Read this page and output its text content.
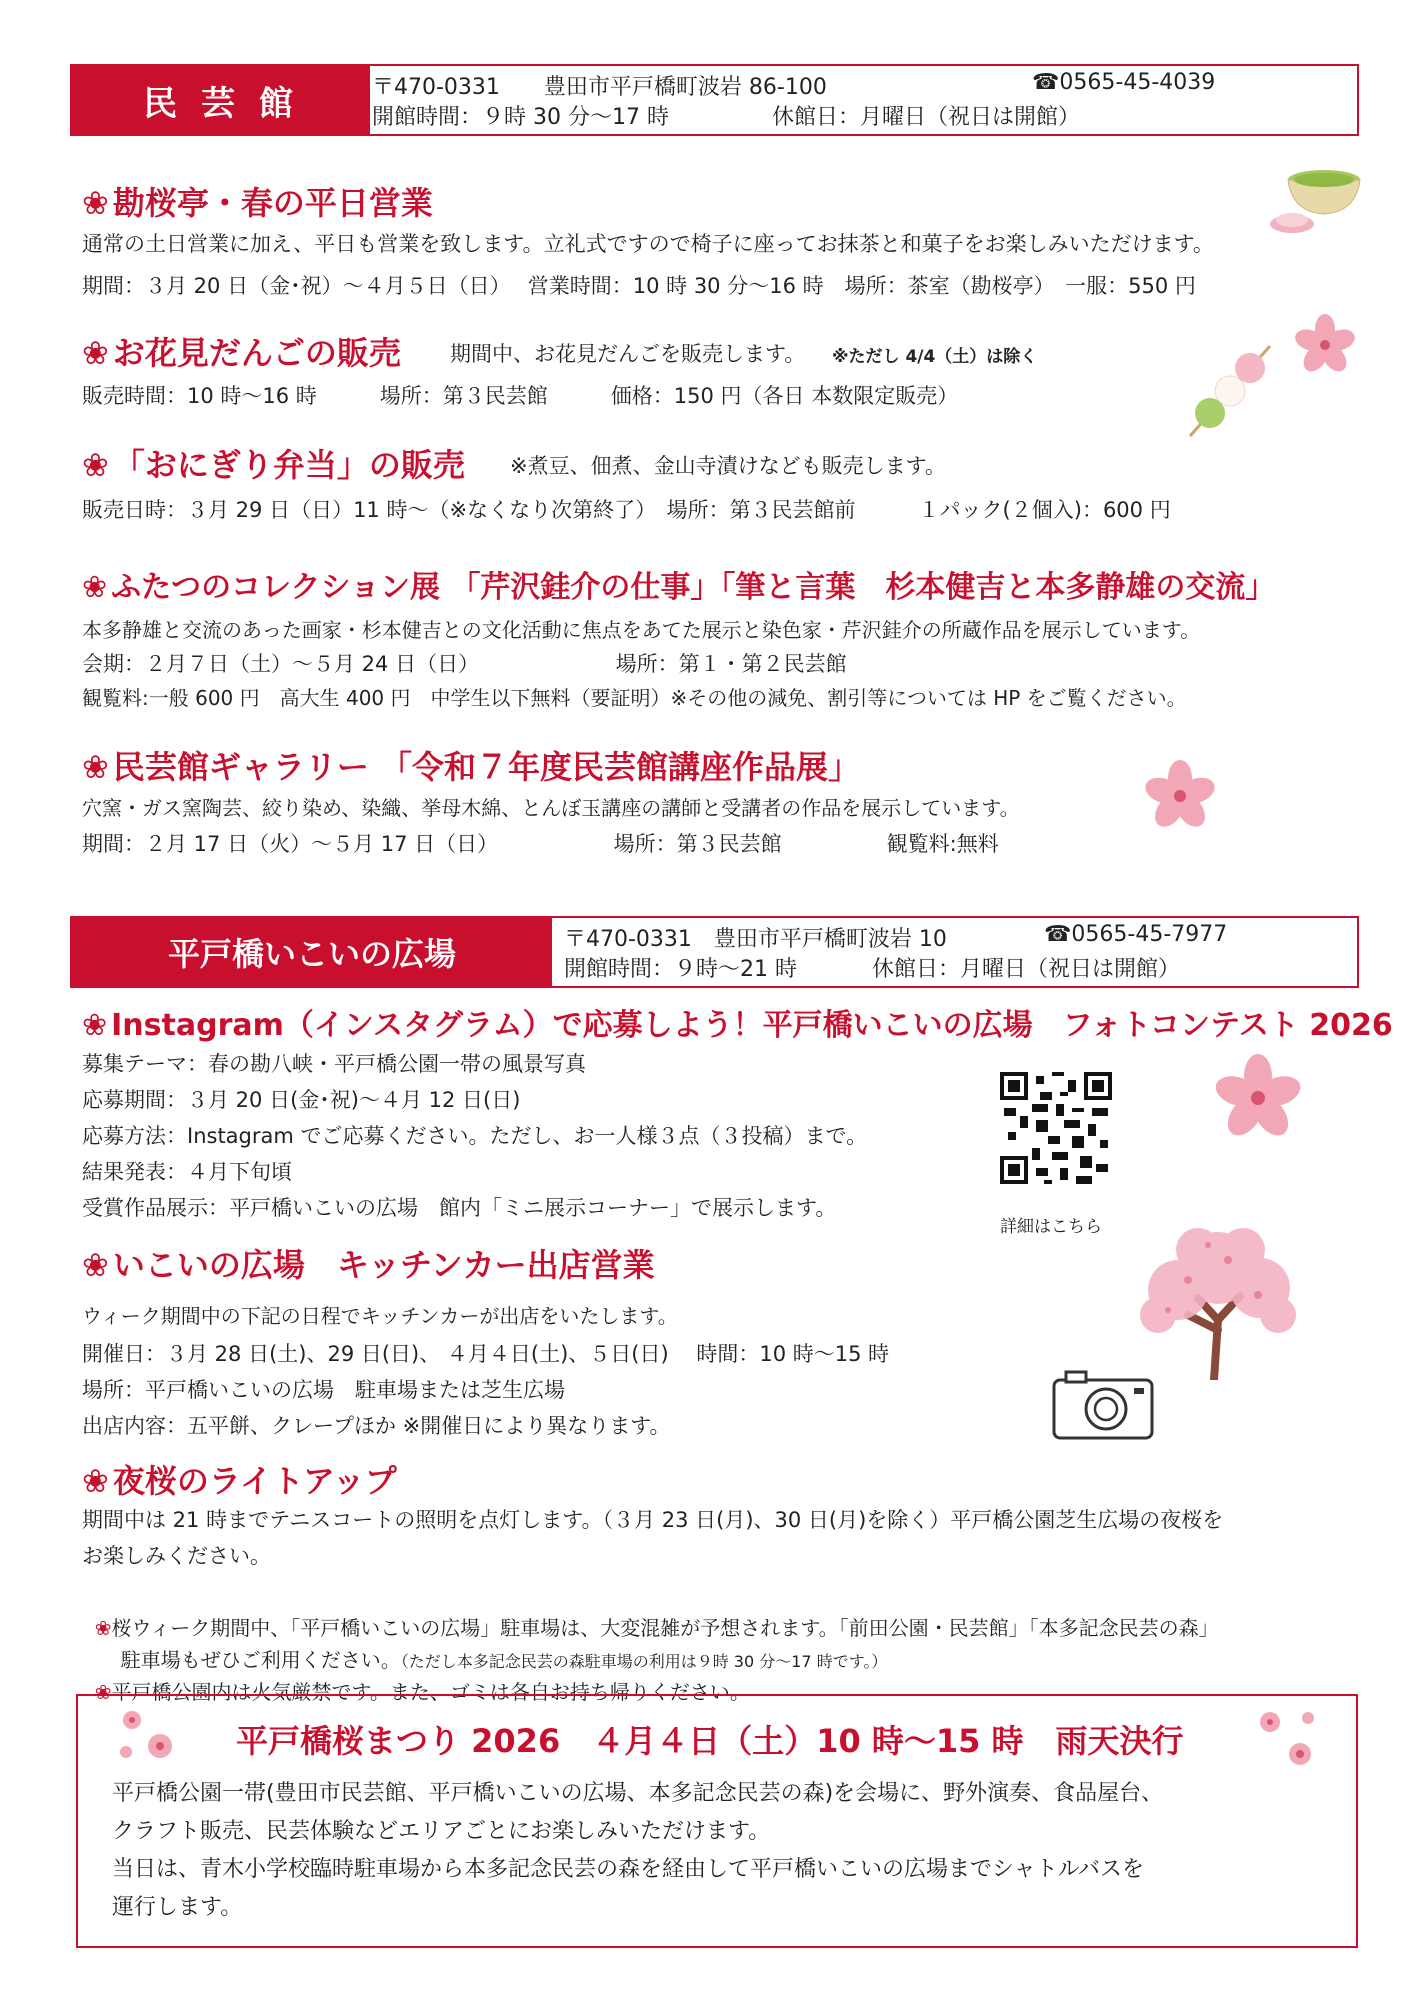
民 芸 館	〒470-0331　　豊田市平戸橋町波岩 86-100	☎0565-45-4039
開館時間：９時 30 分～17 時	休館日：月曜日（祝日は開館）
❀ 勘桜亭・春の平日営業
通常の土日営業に加え、平日も営業を致します。立礼式ですので椅子に座ってお抹茶と和菓子をお楽しみいただけます。
期間：３月 20 日（金･祝）～４月５日（日）　 営業時間：10 時 30 分～16 時　場所：茶室（勘桜亭）　一服：550 円
❀ お花見だんごの販売 期間中、お花見だんごを販売します。 ※ただし 4/4（土）は除く
販売時間：10 時～16 時　　　場所：第３民芸館　　　価格：150 円（各日 本数限定販売）
❀ 「おにぎり弁当」の販売 ※煮豆、佃煮、金山寺漬けなども販売します。
販売日時：３月 29 日（日）11 時～（※なくなり次第終了）　場所：第３民芸館前　　　１パック(２個入)：600 円
❀ ふたつのコレクション展 「芹沢銈介の仕事」「筆と言葉　杉本健吉と本多静雄の交流」
本多静雄と交流のあった画家・杉本健吉との文化活動に焦点をあてた展示と染色家・芹沢銈介の所蔵作品を展示しています。
会期：２月７日（土）～５月 24 日（日）　　　　　　　場所：第１・第２民芸館
観覧料:一般 600 円　高大生 400 円　中学生以下無料（要証明）※その他の減免、割引等については HP をご覧ください。
❀ 民芸館ギャラリー 「令和７年度民芸館講座作品展」
穴窯・ガス窯陶芸、絞り染め、染織、挙母木綿、とんぼ玉講座の講師と受講者の作品を展示しています。
期間：２月 17 日（火）～５月 17 日（日）　　　　　　場所：第３民芸館　　　　　観覧料:無料
平戸橋いこいの広場	〒470-0331　豊田市平戸橋町波岩 10	☎0565-45-7977
開館時間：９時～21 時	休館日：月曜日（祝日は開館）
❀ Instagram（インスタグラム）で応募しよう！平戸橋いこいの広場　フォトコンテスト 2026
募集テーマ：春の勘八峡・平戸橋公園一帯の風景写真
応募期間：３月 20 日(金･祝)～４月 12 日(日)
応募方法：Instagram でご応募ください。ただし、お一人様３点（３投稿）まで。
結果発表：４月下旬頃
受賞作品展示：平戸橋いこいの広場　館内「ミニ展示コーナー」で展示します。
詳細はこちら
❀ いこいの広場　キッチンカー出店営業
ウィーク期間中の下記の日程でキッチンカーが出店をいたします。
開催日：３月 28 日(土)、29 日(日)、 ４月４日(土)、５日(日)　 時間：10 時～15 時
場所：平戸橋いこいの広場　駐車場または芝生広場
出店内容：五平餅、クレープほか ※開催日により異なります。
❀ 夜桜のライトアップ
期間中は 21 時までテニスコートの照明を点灯します。（３月 23 日(月)、30 日(月)を除く）平戸橋公園芝生広場の夜桜を
お楽しみください。

❀桜ウィーク期間中、「平戸橋いこいの広場」駐車場は、大変混雑が予想されます。「前田公園・民芸館」「本多記念民芸の森」

駐車場もぜひご利用ください。（ただし本多記念民芸の森駐車場の利用は９時 30 分～17 時です。）

❀平戸橋公園内は火気厳禁です。また、ゴミは各自お持ち帰りください。

平戸橋桜まつり 2026　４月４日（土）10 時～15 時　雨天決行
平戸橋公園一帯(豊田市民芸館、平戸橋いこいの広場、本多記念民芸の森)を会場に、野外演奏、食品屋台、
クラフト販売、民芸体験などエリアごとにお楽しみいただけます。
当日は、青木小学校臨時駐車場から本多記念民芸の森を経由して平戸橋いこいの広場までシャトルバスを
運行します。
